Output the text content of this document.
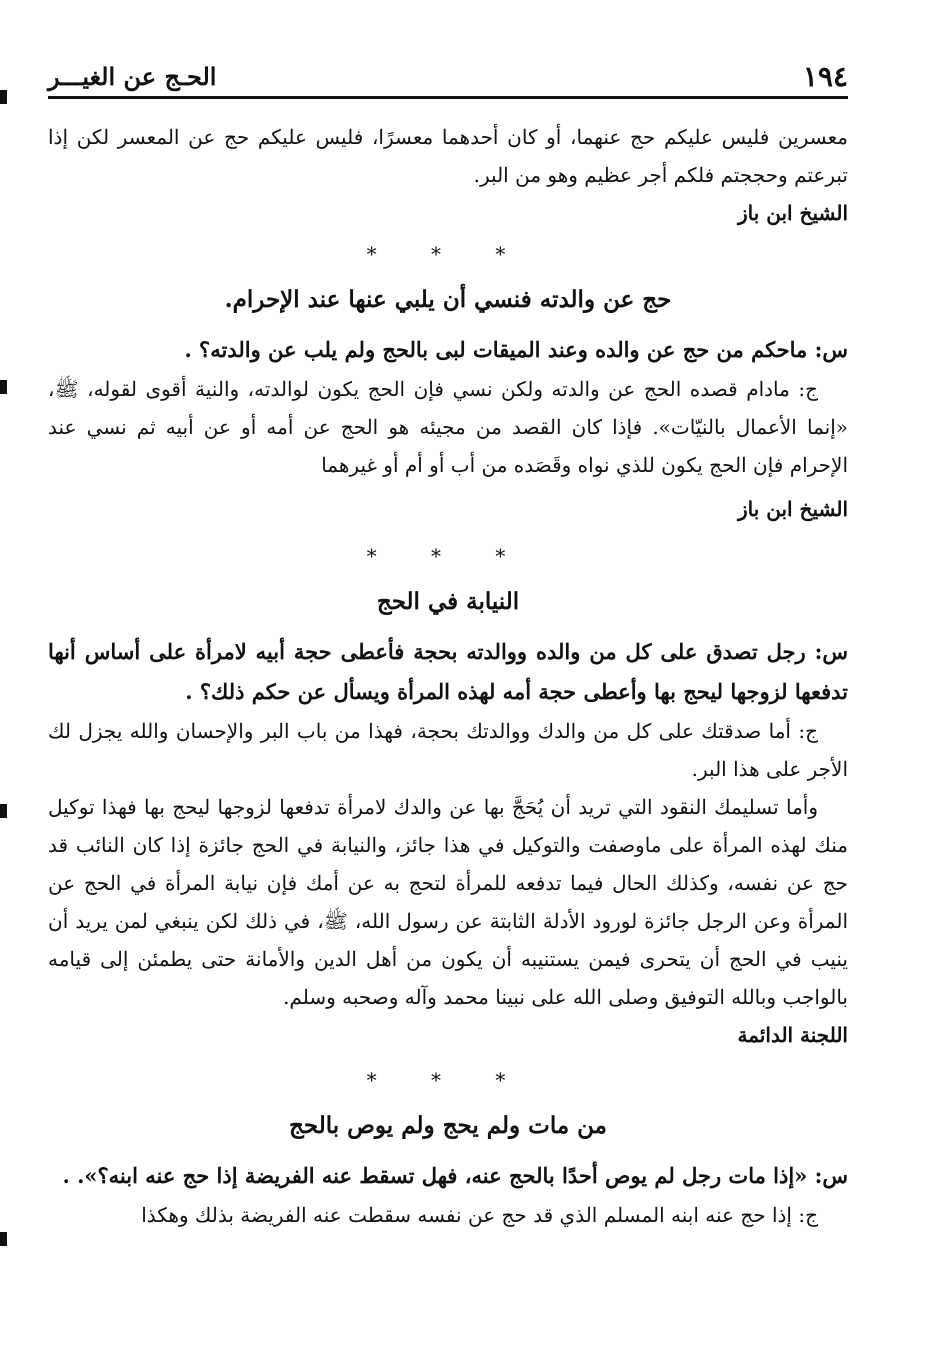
١٩٤
الحـج عن الغيـــر

معسرين فليس عليكم حج عنهما، أو كان أحدهما معسرًا، فليس عليكم حج عن المعسر لكن إذا تبرعتم وحججتم فلكم أجر عظيم وهو من البر.

الشيخ ابن باز

* * *
حج عن والدته فنسي أن يلبي عنها عند الإحرام.

س: ماحكم من حج عن والده وعند الميقات لبى بالحج ولم يلب عن والدته؟ .

ج: مادام قصده الحج عن والدته ولكن نسي فإن الحج يكون لوالدته، والنية أقوى لقوله، ﷺ، «إنما الأعمال بالنيّات». فإذا كان القصد من مجيئه هو الحج عن أمه أو عن أبيه ثم نسي عند الإحرام فإن الحج يكون للذي نواه وقَصَده من أب أو أم أو غيرهما

الشيخ ابن باز

* * *
النيابة في الحج

س: رجل تصدق على كل من والده ووالدته بحجة فأعطى حجة أبيه لامرأة على أساس أنها تدفعها لزوجها ليحج بها وأعطى حجة أمه لهذه المرأة ويسأل عن حكم ذلك؟ .

ج: أما صدقتك على كل من والدك ووالدتك بحجة، فهذا من باب البر والإحسان والله يجزل لك الأجر على هذا البر.

وأما تسليمك النقود التي تريد أن يُحَجَّ بها عن والدك لامرأة تدفعها لزوجها ليحج بها فهذا توكيل منك لهذه المرأة على ماوصفت والتوكيل في هذا جائز، والنيابة في الحج جائزة إذا كان النائب قد حج عن نفسه، وكذلك الحال فيما تدفعه للمرأة لتحج به عن أمك فإن نيابة المرأة في الحج عن المرأة وعن الرجل جائزة لورود الأدلة الثابتة عن رسول الله، ﷺ، في ذلك لكن ينبغي لمن يريد أن ينيب في الحج أن يتحرى فيمن يستنيبه أن يكون من أهل الدين والأمانة حتى يطمئن إلى قيامه بالواجب وبالله التوفيق وصلى الله على نبينا محمد وآله وصحبه وسلم.

اللجنة الدائمة

* * *
من مات ولم يحج ولم يوص بالحج

س: «إذا مات رجل لم يوص أحدًا بالحج عنه، فهل تسقط عنه الفريضة إذا حج عنه ابنه؟». .

ج: إذا حج عنه ابنه المسلم الذي قد حج عن نفسه سقطت عنه الفريضة بذلك وهكذا
